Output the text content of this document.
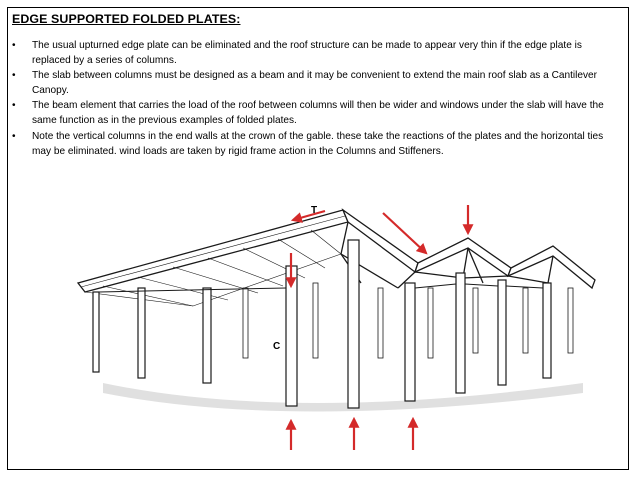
EDGE SUPPORTED FOLDED PLATES:
• The usual upturned edge plate can be eliminated and the roof structure can be made to appear very thin if the edge plate is replaced by a series of columns.
• The slab between columns must be designed as a beam and it may be convenient to extend the main roof slab as a Cantilever Canopy.
• The beam element that carries the load of the roof between columns will then be wider and windows under the slab will have the same function as in the previous examples of folded plates.
• Note the vertical columns in the end walls at the crown of the gable. these take the reactions of the plates and the horizontal ties may be eliminated. wind loads are taken by rigid frame action in the Columns and Stiffeners.
T
C
